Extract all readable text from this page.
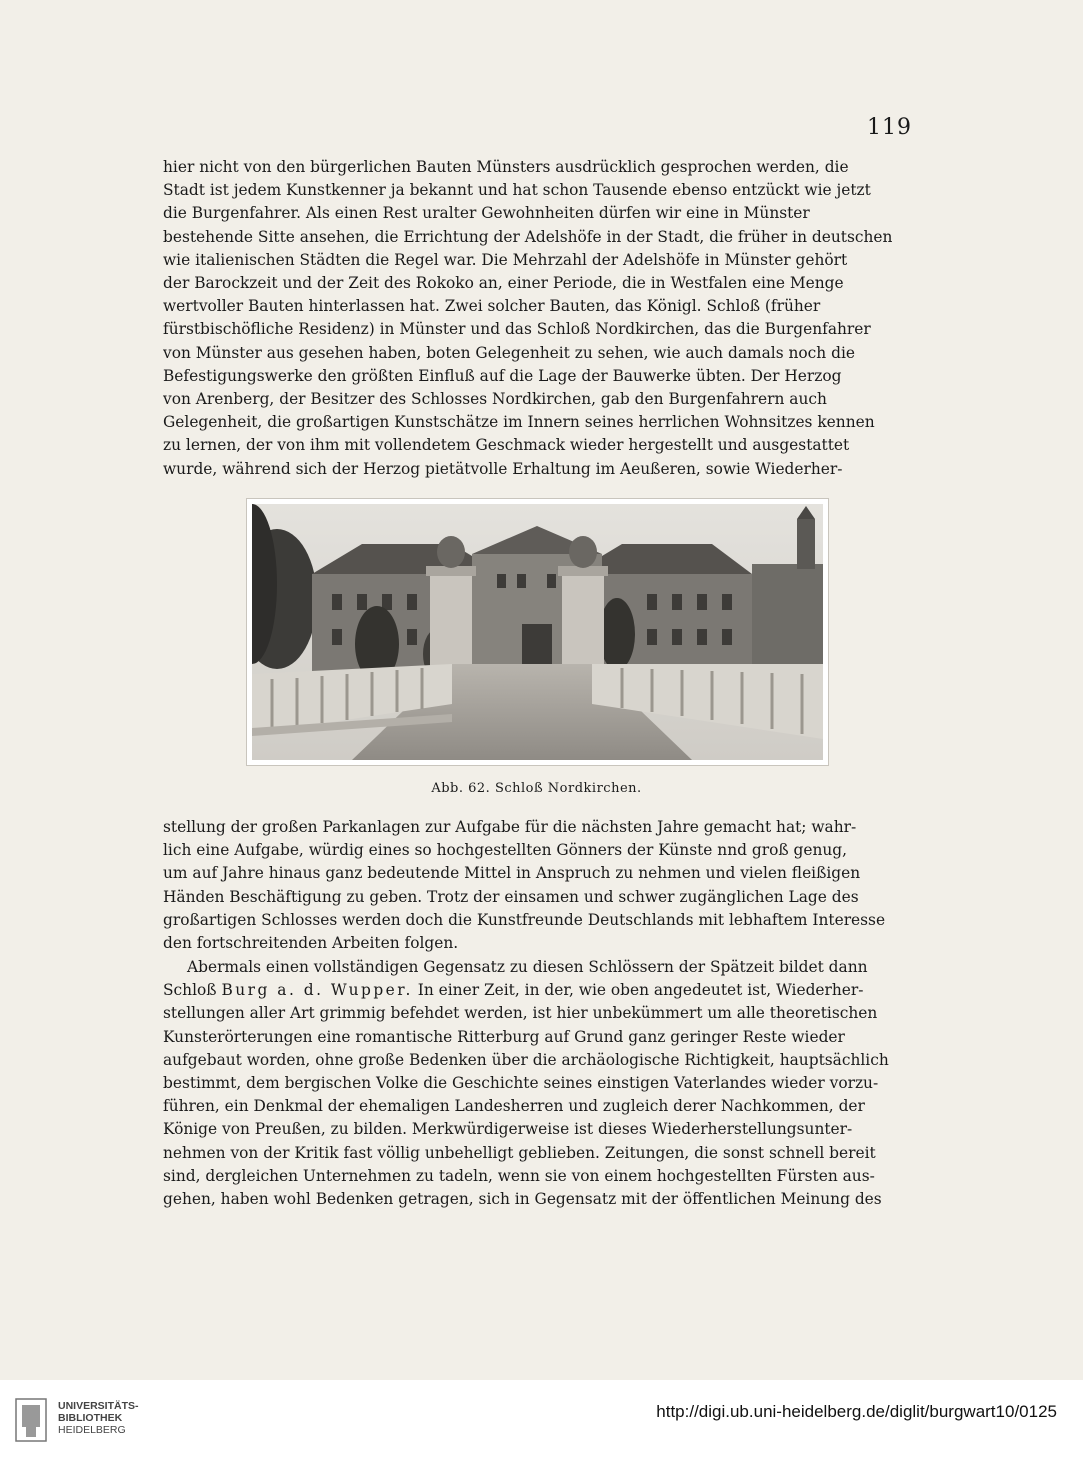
119

hier nicht von den bürgerlichen Bauten Münsters ausdrücklich gesprochen werden, die
Stadt ist jedem Kunstkenner ja bekannt und hat schon Tausende ebenso entzückt wie jetzt
die Burgenfahrer. Als einen Rest uralter Gewohnheiten dürfen wir eine in Münster
bestehende Sitte ansehen, die Errichtung der Adelshöfe in der Stadt, die früher in deutschen
wie italienischen Städten die Regel war. Die Mehrzahl der Adelshöfe in Münster gehört
der Barockzeit und der Zeit des Rokoko an, einer Periode, die in Westfalen eine Menge
wertvoller Bauten hinterlassen hat. Zwei solcher Bauten, das Königl. Schloß (früher
fürstbischöfliche Residenz) in Münster und das Schloß Nordkirchen, das die Burgenfahrer
von Münster aus gesehen haben, boten Gelegenheit zu sehen, wie auch damals noch die
Befestigungswerke den größten Einfluß auf die Lage der Bauwerke übten. Der Herzog
von Arenberg, der Besitzer des Schlosses Nordkirchen, gab den Burgenfahrern auch
Gelegenheit, die großartigen Kunstschätze im Innern seines herrlichen Wohnsitzes kennen
zu lernen, der von ihm mit vollendetem Geschmack wieder hergestellt und ausgestattet
wurde, während sich der Herzog pietätvolle Erhaltung im Aeußeren, sowie Wiederher-

Abb. 62. Schloß Nordkirchen.

stellung der großen Parkanlagen zur Aufgabe für die nächsten Jahre gemacht hat; wahr-
lich eine Aufgabe, würdig eines so hochgestellten Gönners der Künste nnd groß genug,
um auf Jahre hinaus ganz bedeutende Mittel in Anspruch zu nehmen und vielen fleißigen
Händen Beschäftigung zu geben. Trotz der einsamen und schwer zugänglichen Lage des
großartigen Schlosses werden doch die Kunstfreunde Deutschlands mit lebhaftem Interesse
den fortschreitenden Arbeiten folgen.

Abermals einen vollständigen Gegensatz zu diesen Schlössern der Spätzeit bildet dann
Schloß Burg a. d. Wupper. In einer Zeit, in der, wie oben angedeutet ist, Wiederher-
stellungen aller Art grimmig befehdet werden, ist hier unbekümmert um alle theoretischen
Kunsterörterungen eine romantische Ritterburg auf Grund ganz geringer Reste wieder
aufgebaut worden, ohne große Bedenken über die archäologische Richtigkeit, hauptsächlich
bestimmt, dem bergischen Volke die Geschichte seines einstigen Vaterlandes wieder vorzu-
führen, ein Denkmal der ehemaligen Landesherren und zugleich derer Nachkommen, der
Könige von Preußen, zu bilden. Merkwürdigerweise ist dieses Wiederherstellungsunter-
nehmen von der Kritik fast völlig unbehelligt geblieben. Zeitungen, die sonst schnell bereit
sind, dergleichen Unternehmen zu tadeln, wenn sie von einem hochgestellten Fürsten aus-
gehen, haben wohl Bedenken getragen, sich in Gegensatz mit der öffentlichen Meinung des

UNIVERSITÄTS-
BIBLIOTHEK
HEIDELBERG
http://digi.ub.uni-heidelberg.de/diglit/burgwart10/0125
